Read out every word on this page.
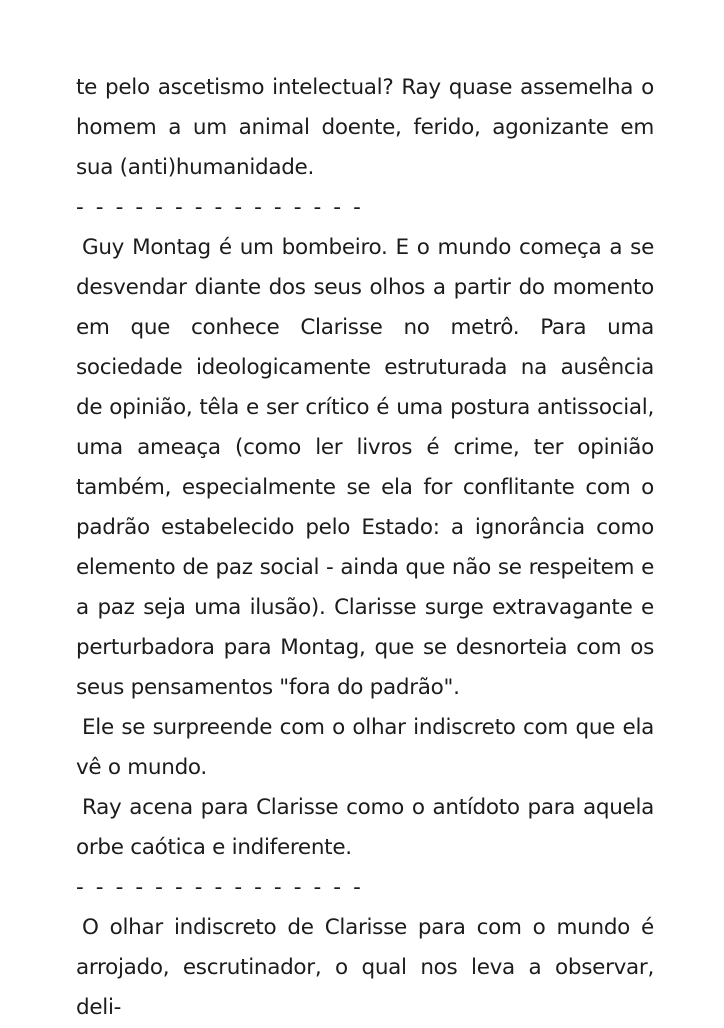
te pelo ascetismo intelectual? Ray quase assemelha o homem a um animal doente, ferido, agonizante em sua (anti)humanidade.

- - - - - - - - - - - - - - -

Guy Montag é um bombeiro. E o mundo começa a se desvendar diante dos seus olhos a partir do momento em que conhece Clarisse no metrô. Para uma sociedade ideologicamente estruturada na ausência de opinião, têla e ser crítico é uma postura antissocial, uma ameaça (como ler livros é crime, ter opinião também, especialmente se ela for conflitante com o padrão estabelecido pelo Estado: a ignorância como elemento de paz social - ainda que não se respeitem e a paz seja uma ilusão). Clarisse surge extravagante e perturbadora para Montag, que se desnorteia com os seus pensamentos "fora do padrão".

Ele se surpreende com o olhar indiscreto com que ela vê o mundo.

Ray acena para Clarisse como o antídoto para aquela orbe caótica e indiferente.

- - - - - - - - - - - - - - -

O olhar indiscreto de Clarisse para com o mundo é arrojado, escrutinador, o qual nos leva a observar, deli-
